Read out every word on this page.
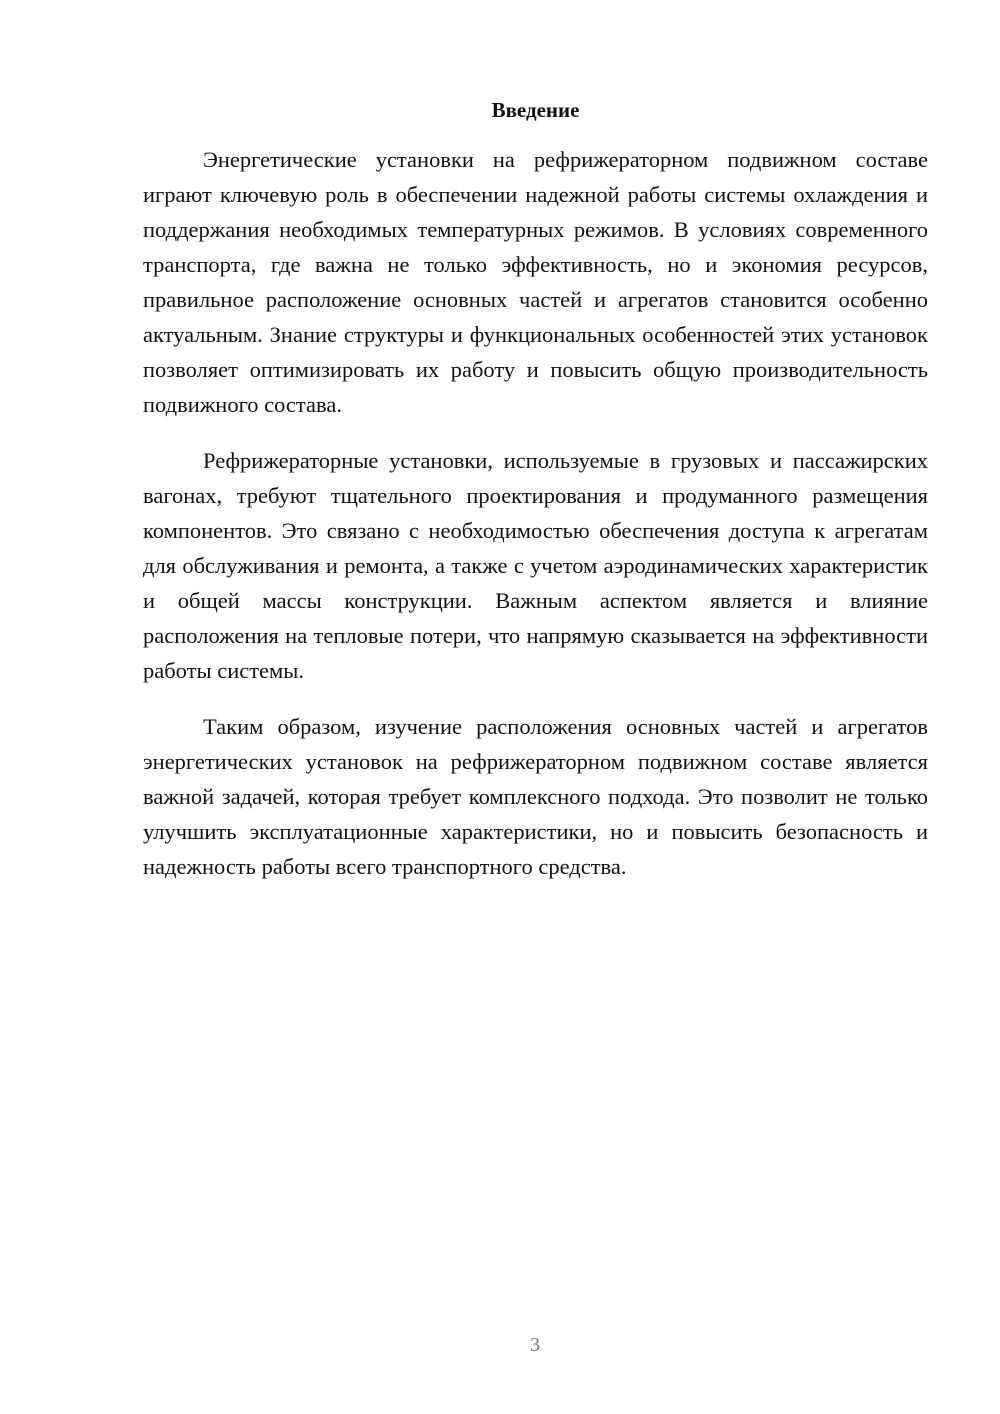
Введение

Энергетические установки на рефрижераторном подвижном составе играют ключевую роль в обеспечении надежной работы системы охлаждения и поддержания необходимых температурных режимов. В условиях современного транспорта, где важна не только эффективность, но и экономия ресурсов, правильное расположение основных частей и агрегатов становится особенно актуальным. Знание структуры и функциональных особенностей этих установок позволяет оптимизировать их работу и повысить общую производительность подвижного состава.

Рефрижераторные установки, используемые в грузовых и пассажирских вагонах, требуют тщательного проектирования и продуманного размещения компонентов. Это связано с необходимостью обеспечения доступа к агрегатам для обслуживания и ремонта, а также с учетом аэродинамических характеристик и общей массы конструкции. Важным аспектом является и влияние расположения на тепловые потери, что напрямую сказывается на эффективности работы системы.

Таким образом, изучение расположения основных частей и агрегатов энергетических установок на рефрижераторном подвижном составе является важной задачей, которая требует комплексного подхода. Это позволит не только улучшить эксплуатационные характеристики, но и повысить безопасность и надежность работы всего транспортного средства.

3
